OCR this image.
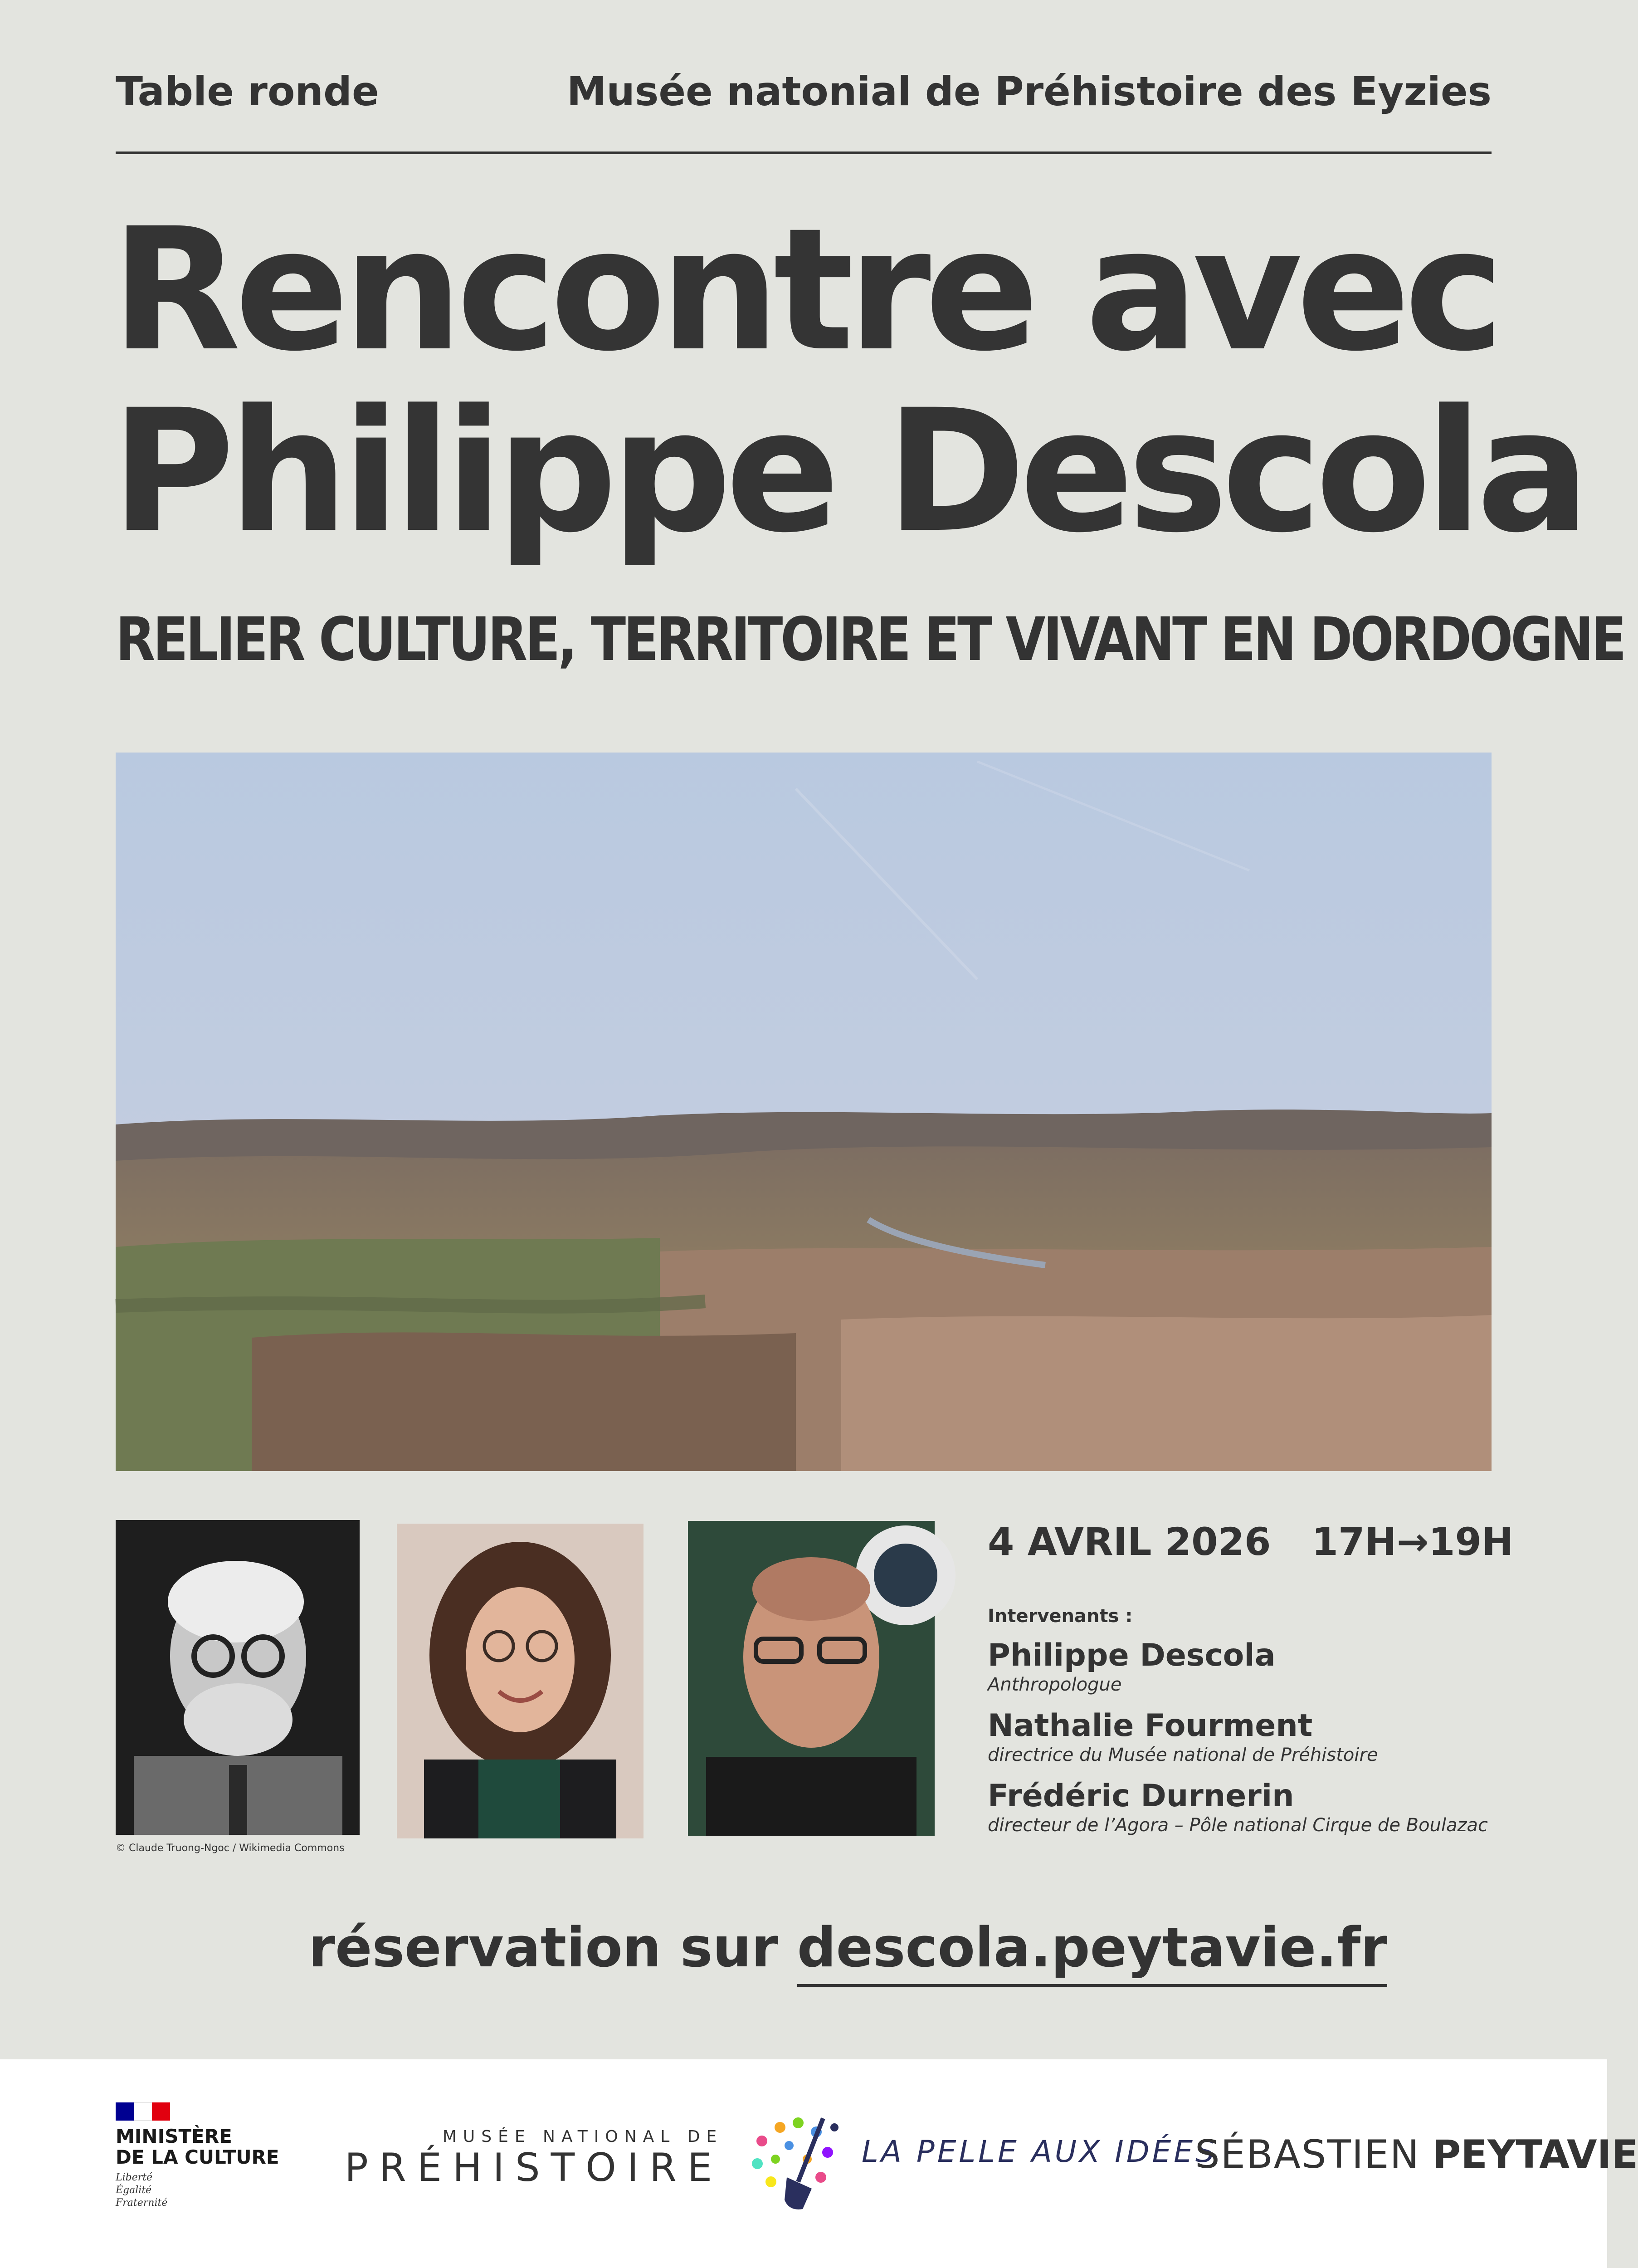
Table ronde	Musée natonial de Préhistoire des Eyzies
Rencontre avec
Philippe Descola
RELIER CULTURE, TERRITOIRE ET VIVANT EN DORDOGNE
© Claude Truong-Ngoc / Wikimedia Commons
4 AVRIL 2026 17H→19H
Intervenants :
Philippe Descola
Anthropologue
Nathalie Fourment
directrice du Musée national de Préhistoire
Frédéric Durnerin
directeur de l’Agora – Pôle national Cirque de Boulazac
réservation sur descola.peytavie.fr
MINISTÈRE
DE LA CULTURE
Liberté
Égalité
Fraternité
MUSÉE NATIONAL DE
PRÉHISTOIRE	LA PELLE AUX IDÉES
SÉBASTIEN PEYTAVIE
